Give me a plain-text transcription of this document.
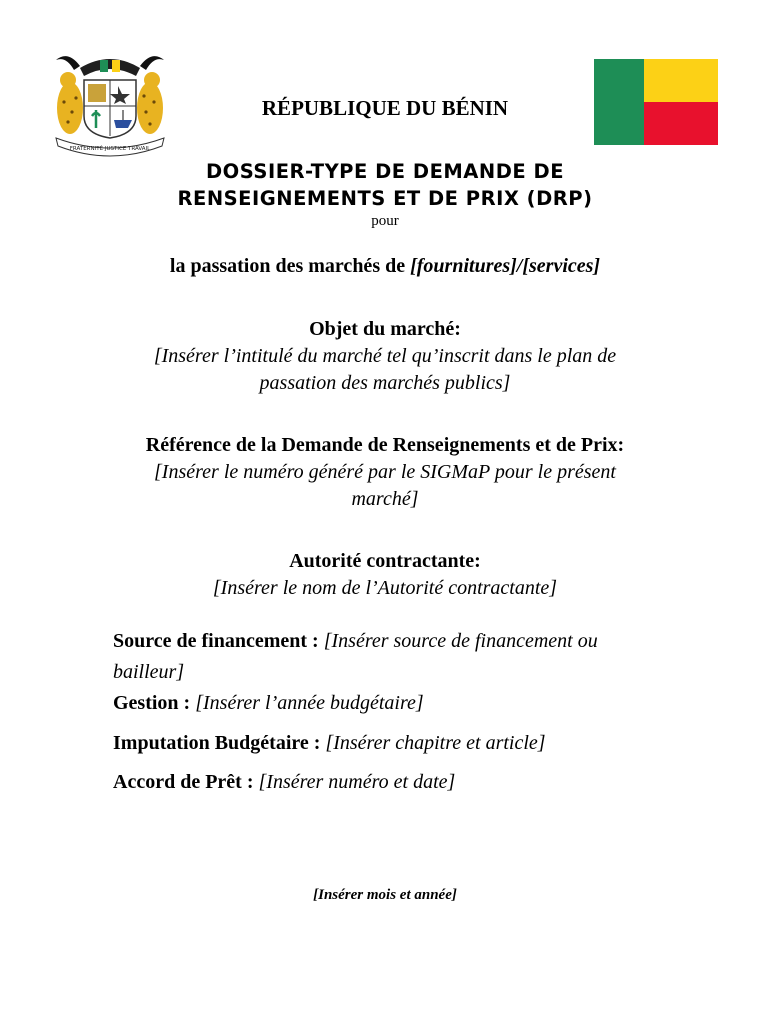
FRATERNITÉ JUSTICE TRAVAIL
RÉPUBLIQUE DU BÉNIN
DOSSIER-TYPE DE DEMANDE DE
RENSEIGNEMENTS ET DE PRIX (DRP)
pour
la passation des marchés de [fournitures]/[services]
Objet du marché:
[Insérer l’intitulé du marché tel qu’inscrit dans le plan de
passation des marchés publics]
Référence de la Demande de Renseignements et de Prix:
[Insérer le numéro généré par le SIGMaP pour le présent
marché]
Autorité contractante:
[Insérer le nom de l’Autorité contractante]
Source de financement : [Insérer source de financement ou bailleur]
Gestion : [Insérer l’année budgétaire]
Imputation Budgétaire : [Insérer chapitre et article]
Accord de Prêt : [Insérer numéro et date]
[Insérer mois et année]
